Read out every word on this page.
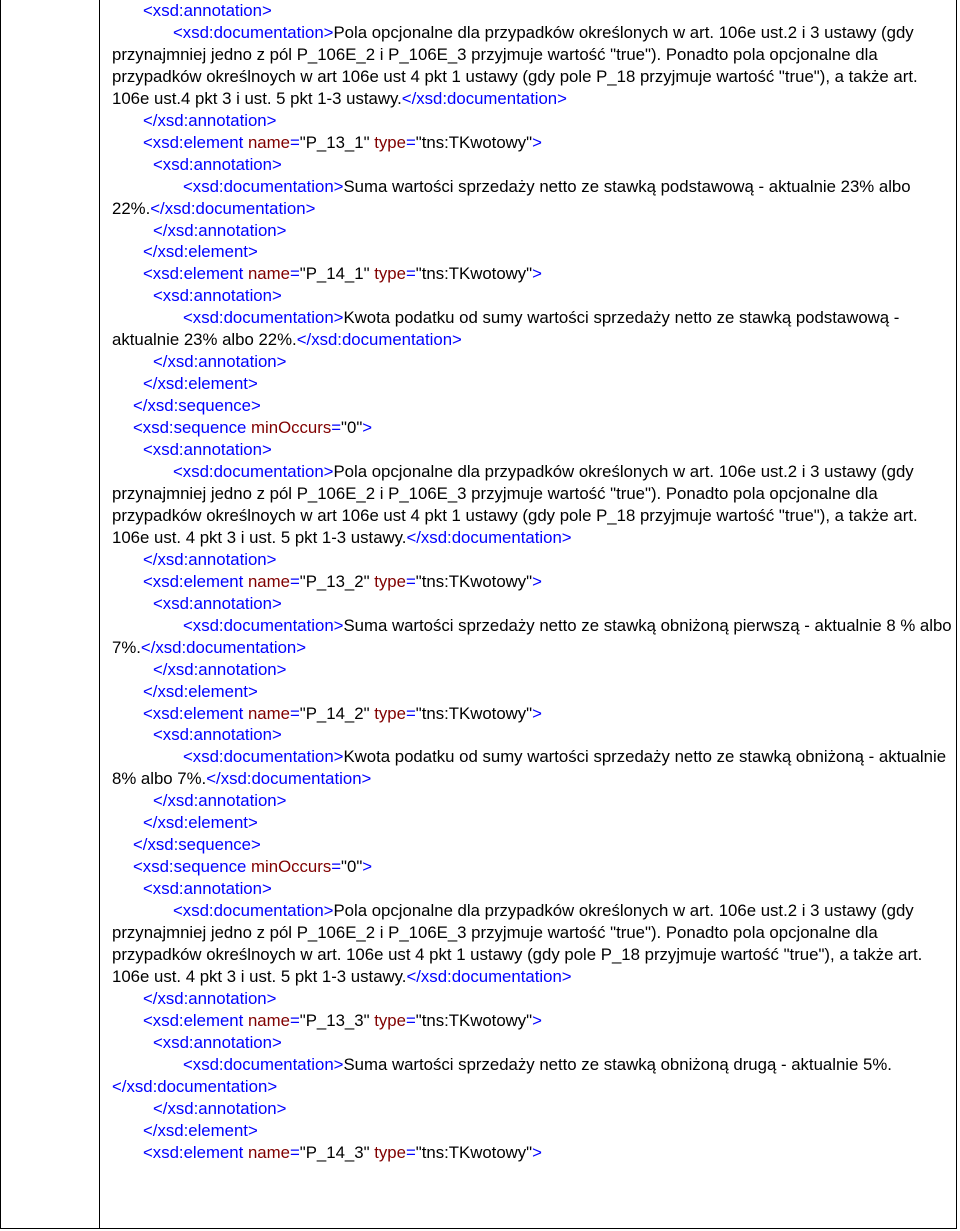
<xsd:annotation>
<xsd:documentation>Pola opcjonalne dla przypadków określonych w art. 106e ust.2 i 3 ustawy (gdy przynajmniej jedno z pól P_106E_2 i P_106E_3 przyjmuje wartość "true"). Ponadto pola opcjonalne dla przypadków określnoych w art 106e ust 4 pkt 1 ustawy (gdy pole P_18 przyjmuje wartość "true"), a także art. 106e ust.4 pkt 3 i ust. 5 pkt 1-3 ustawy.</xsd:documentation>
</xsd:annotation>
<xsd:element name="P_13_1" type="tns:TKwotowy">
<xsd:annotation>
<xsd:documentation>Suma wartości sprzedaży netto ze stawką podstawową - aktualnie 23% albo 22%.</xsd:documentation>
</xsd:annotation>
</xsd:element>
<xsd:element name="P_14_1" type="tns:TKwotowy">
<xsd:annotation>
<xsd:documentation>Kwota podatku od sumy wartości sprzedaży netto ze stawką podstawową - aktualnie 23% albo 22%.</xsd:documentation>
</xsd:annotation>
</xsd:element>
</xsd:sequence>
<xsd:sequence minOccurs="0">
<xsd:annotation>
<xsd:documentation>Pola opcjonalne dla przypadków określonych w art. 106e ust.2 i 3 ustawy (gdy przynajmniej jedno z pól P_106E_2 i P_106E_3 przyjmuje wartość "true"). Ponadto pola opcjonalne dla przypadków określnoych w art 106e ust 4 pkt 1 ustawy (gdy pole P_18 przyjmuje wartość "true"), a także art. 106e ust. 4 pkt 3 i ust. 5 pkt 1-3 ustawy.</xsd:documentation>
</xsd:annotation>
<xsd:element name="P_13_2" type="tns:TKwotowy">
<xsd:annotation>
<xsd:documentation>Suma wartości sprzedaży netto ze stawką obniżoną pierwszą - aktualnie 8 % albo 7%.</xsd:documentation>
</xsd:annotation>
</xsd:element>
<xsd:element name="P_14_2" type="tns:TKwotowy">
<xsd:annotation>
<xsd:documentation>Kwota podatku od sumy wartości sprzedaży netto ze stawką obniżoną - aktualnie 8% albo 7%.</xsd:documentation>
</xsd:annotation>
</xsd:element>
</xsd:sequence>
<xsd:sequence minOccurs="0">
<xsd:annotation>
<xsd:documentation>Pola opcjonalne dla przypadków określonych w art. 106e ust.2 i 3 ustawy (gdy przynajmniej jedno z pól P_106E_2 i P_106E_3 przyjmuje wartość "true"). Ponadto pola opcjonalne dla przypadków określnoych w art. 106e ust 4 pkt 1 ustawy (gdy pole P_18 przyjmuje wartość "true"), a także art. 106e ust. 4 pkt 3 i ust. 5 pkt 1-3 ustawy.</xsd:documentation>
</xsd:annotation>
<xsd:element name="P_13_3" type="tns:TKwotowy">
<xsd:annotation>
<xsd:documentation>Suma wartości sprzedaży netto ze stawką obniżoną drugą - aktualnie 5%.</xsd:documentation>
</xsd:annotation>
</xsd:element>
<xsd:element name="P_14_3" type="tns:TKwotowy">
